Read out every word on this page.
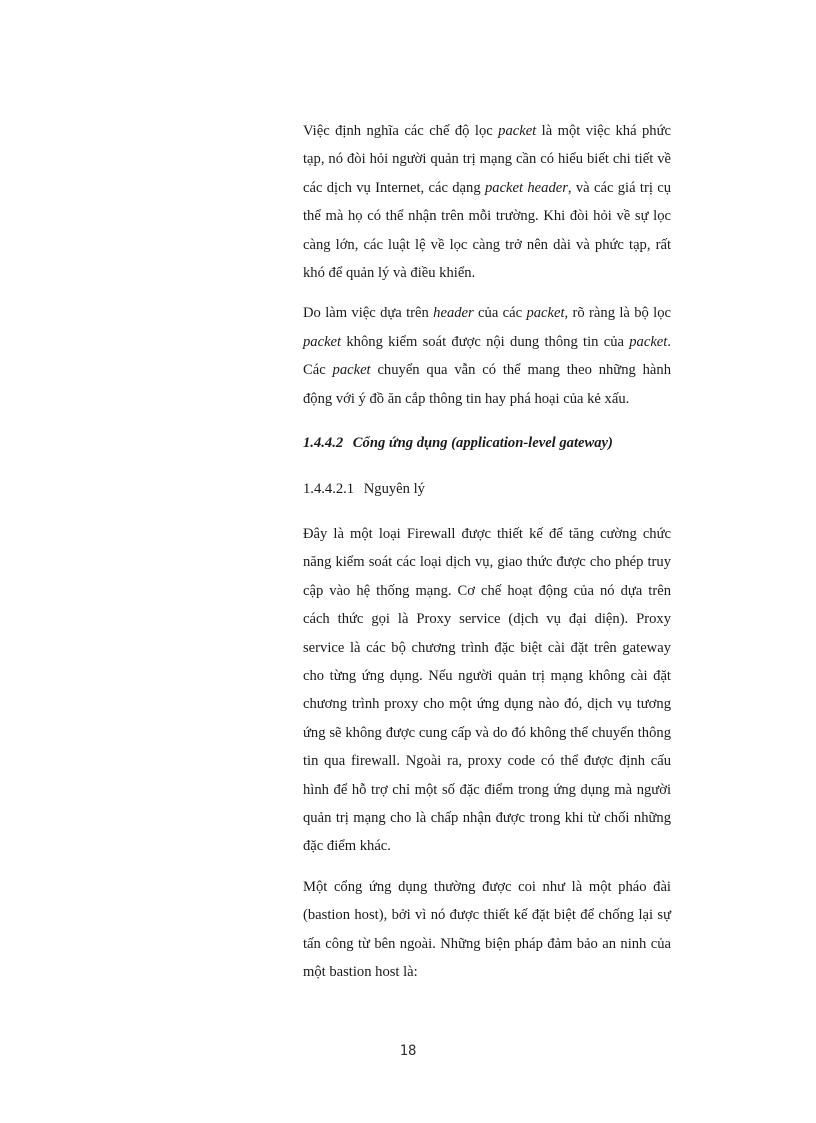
Việc định nghĩa các chế độ lọc packet là một việc khá phức tạp, nó đòi hỏi người quản trị mạng cần có hiểu biết chi tiết về các dịch vụ Internet, các dạng packet header, và các giá trị cụ thể mà họ có thể nhận trên mỗi trường. Khi đòi hỏi về sự lọc càng lớn, các luật lệ về lọc càng trở nên dài và phức tạp, rất khó để quản lý và điều khiển.

Do làm việc dựa trên header của các packet, rõ ràng là bộ lọc packet không kiểm soát được nội dung thông tin của packet. Các packet chuyển qua vẫn có thể mang theo những hành động với ý đồ ăn cắp thông tin hay phá hoại của kẻ xấu.

1.4.4.2 Cổng ứng dụng (application-level gateway)
1.4.4.2.1 Nguyên lý

Đây là một loại Firewall được thiết kế để tăng cường chức năng kiểm soát các loại dịch vụ, giao thức được cho phép truy cập vào hệ thống mạng. Cơ chế hoạt động của nó dựa trên cách thức gọi là Proxy service (dịch vụ đại diện). Proxy service là các bộ chương trình đặc biệt cài đặt trên gateway cho từng ứng dụng. Nếu người quản trị mạng không cài đặt chương trình proxy cho một ứng dụng nào đó, dịch vụ tương ứng sẽ không được cung cấp và do đó không thể chuyển thông tin qua firewall. Ngoài ra, proxy code có thể được định cấu hình để hỗ trợ chỉ một số đặc điểm trong ứng dụng mà người quản trị mạng cho là chấp nhận được trong khi từ chối những đặc điểm khác.

Một cổng ứng dụng thường được coi như là một pháo đài (bastion host), bởi vì nó được thiết kế đặt biệt để chống lại sự tấn công từ bên ngoài. Những biện pháp đảm bảo an ninh của một bastion host là:

18
